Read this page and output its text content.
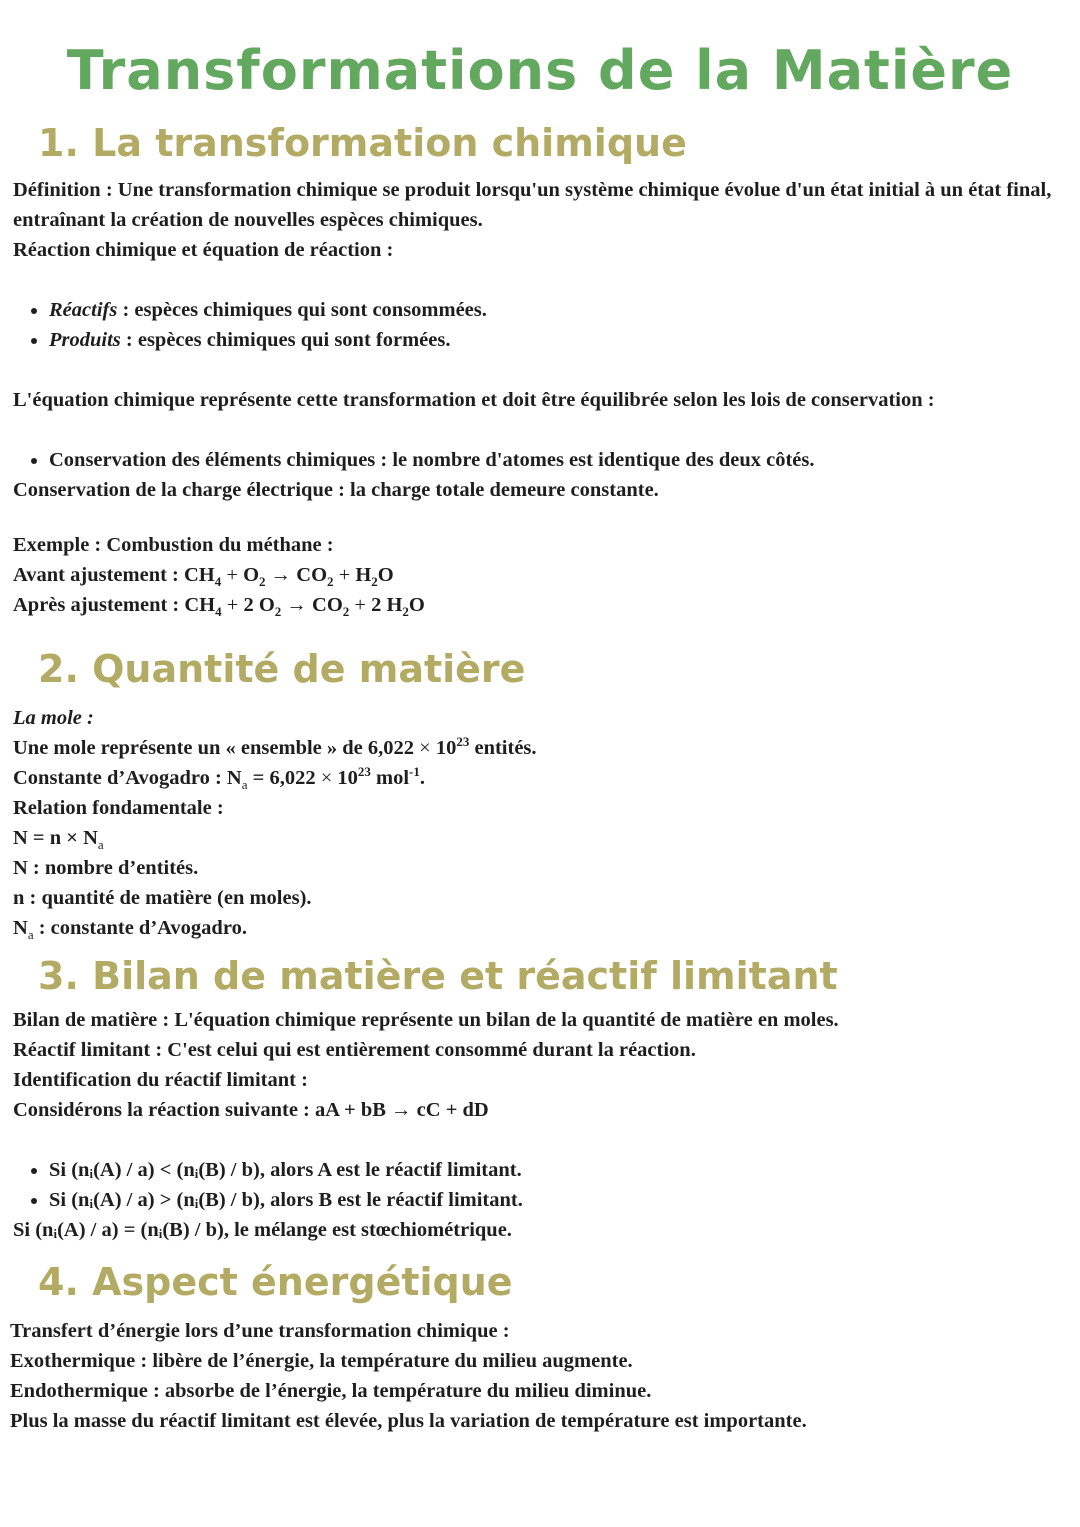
Transformations de la Matière
1. La transformation chimique

Définition : Une transformation chimique se produit lorsqu'un système chimique évolue d'un état initial à un état final, entraînant la création de nouvelles espèces chimiques.

Réaction chimique et équation de réaction :

• Réactifs : espèces chimiques qui sont consommées.
• Produits : espèces chimiques qui sont formées.

L'équation chimique représente cette transformation et doit être équilibrée selon les lois de conservation :

• Conservation des éléments chimiques : le nombre d'atomes est identique des deux côtés.

Conservation de la charge électrique : la charge totale demeure constante.

Exemple : Combustion du méthane :

Avant ajustement : $CH_4 + O_2 \to CO_2 + H_2O$

Après ajustement : $CH_4 + 2$ $O_2 \to CO_2 + 2$ $H_2O$

2. Quantité de matière

La mole :

Une mole représente un « ensemble » de $6,022 \times 10^{23}$ entités.

Constante d’Avogadro : $N_a = 6,022 \times 10^{23}$ mol$^{-1}$.

Relation fondamentale :

$N = n \times N_a$

N : nombre d’entités.

n : quantité de matière (en moles).

$N_a$ : constante d’Avogadro.

3. Bilan de matière et réactif limitant

Bilan de matière : L'équation chimique représente un bilan de la quantité de matière en moles.

Réactif limitant : C'est celui qui est entièrement consommé durant la réaction.

Identification du réactif limitant :

Considérons la réaction suivante : aA + bB → cC + dD

• Si (nᵢ(A) / a) < (nᵢ(B) / b), alors A est le réactif limitant.
• Si (nᵢ(A) / a) > (nᵢ(B) / b), alors B est le réactif limitant.

Si (nᵢ(A) / a) = (nᵢ(B) / b), le mélange est stœchiométrique.

4. Aspect énergétique

Transfert d’énergie lors d’une transformation chimique :

Exothermique : libère de l’énergie, la température du milieu augmente.

Endothermique : absorbe de l’énergie, la température du milieu diminue.

Plus la masse du réactif limitant est élevée, plus la variation de température est importante.
